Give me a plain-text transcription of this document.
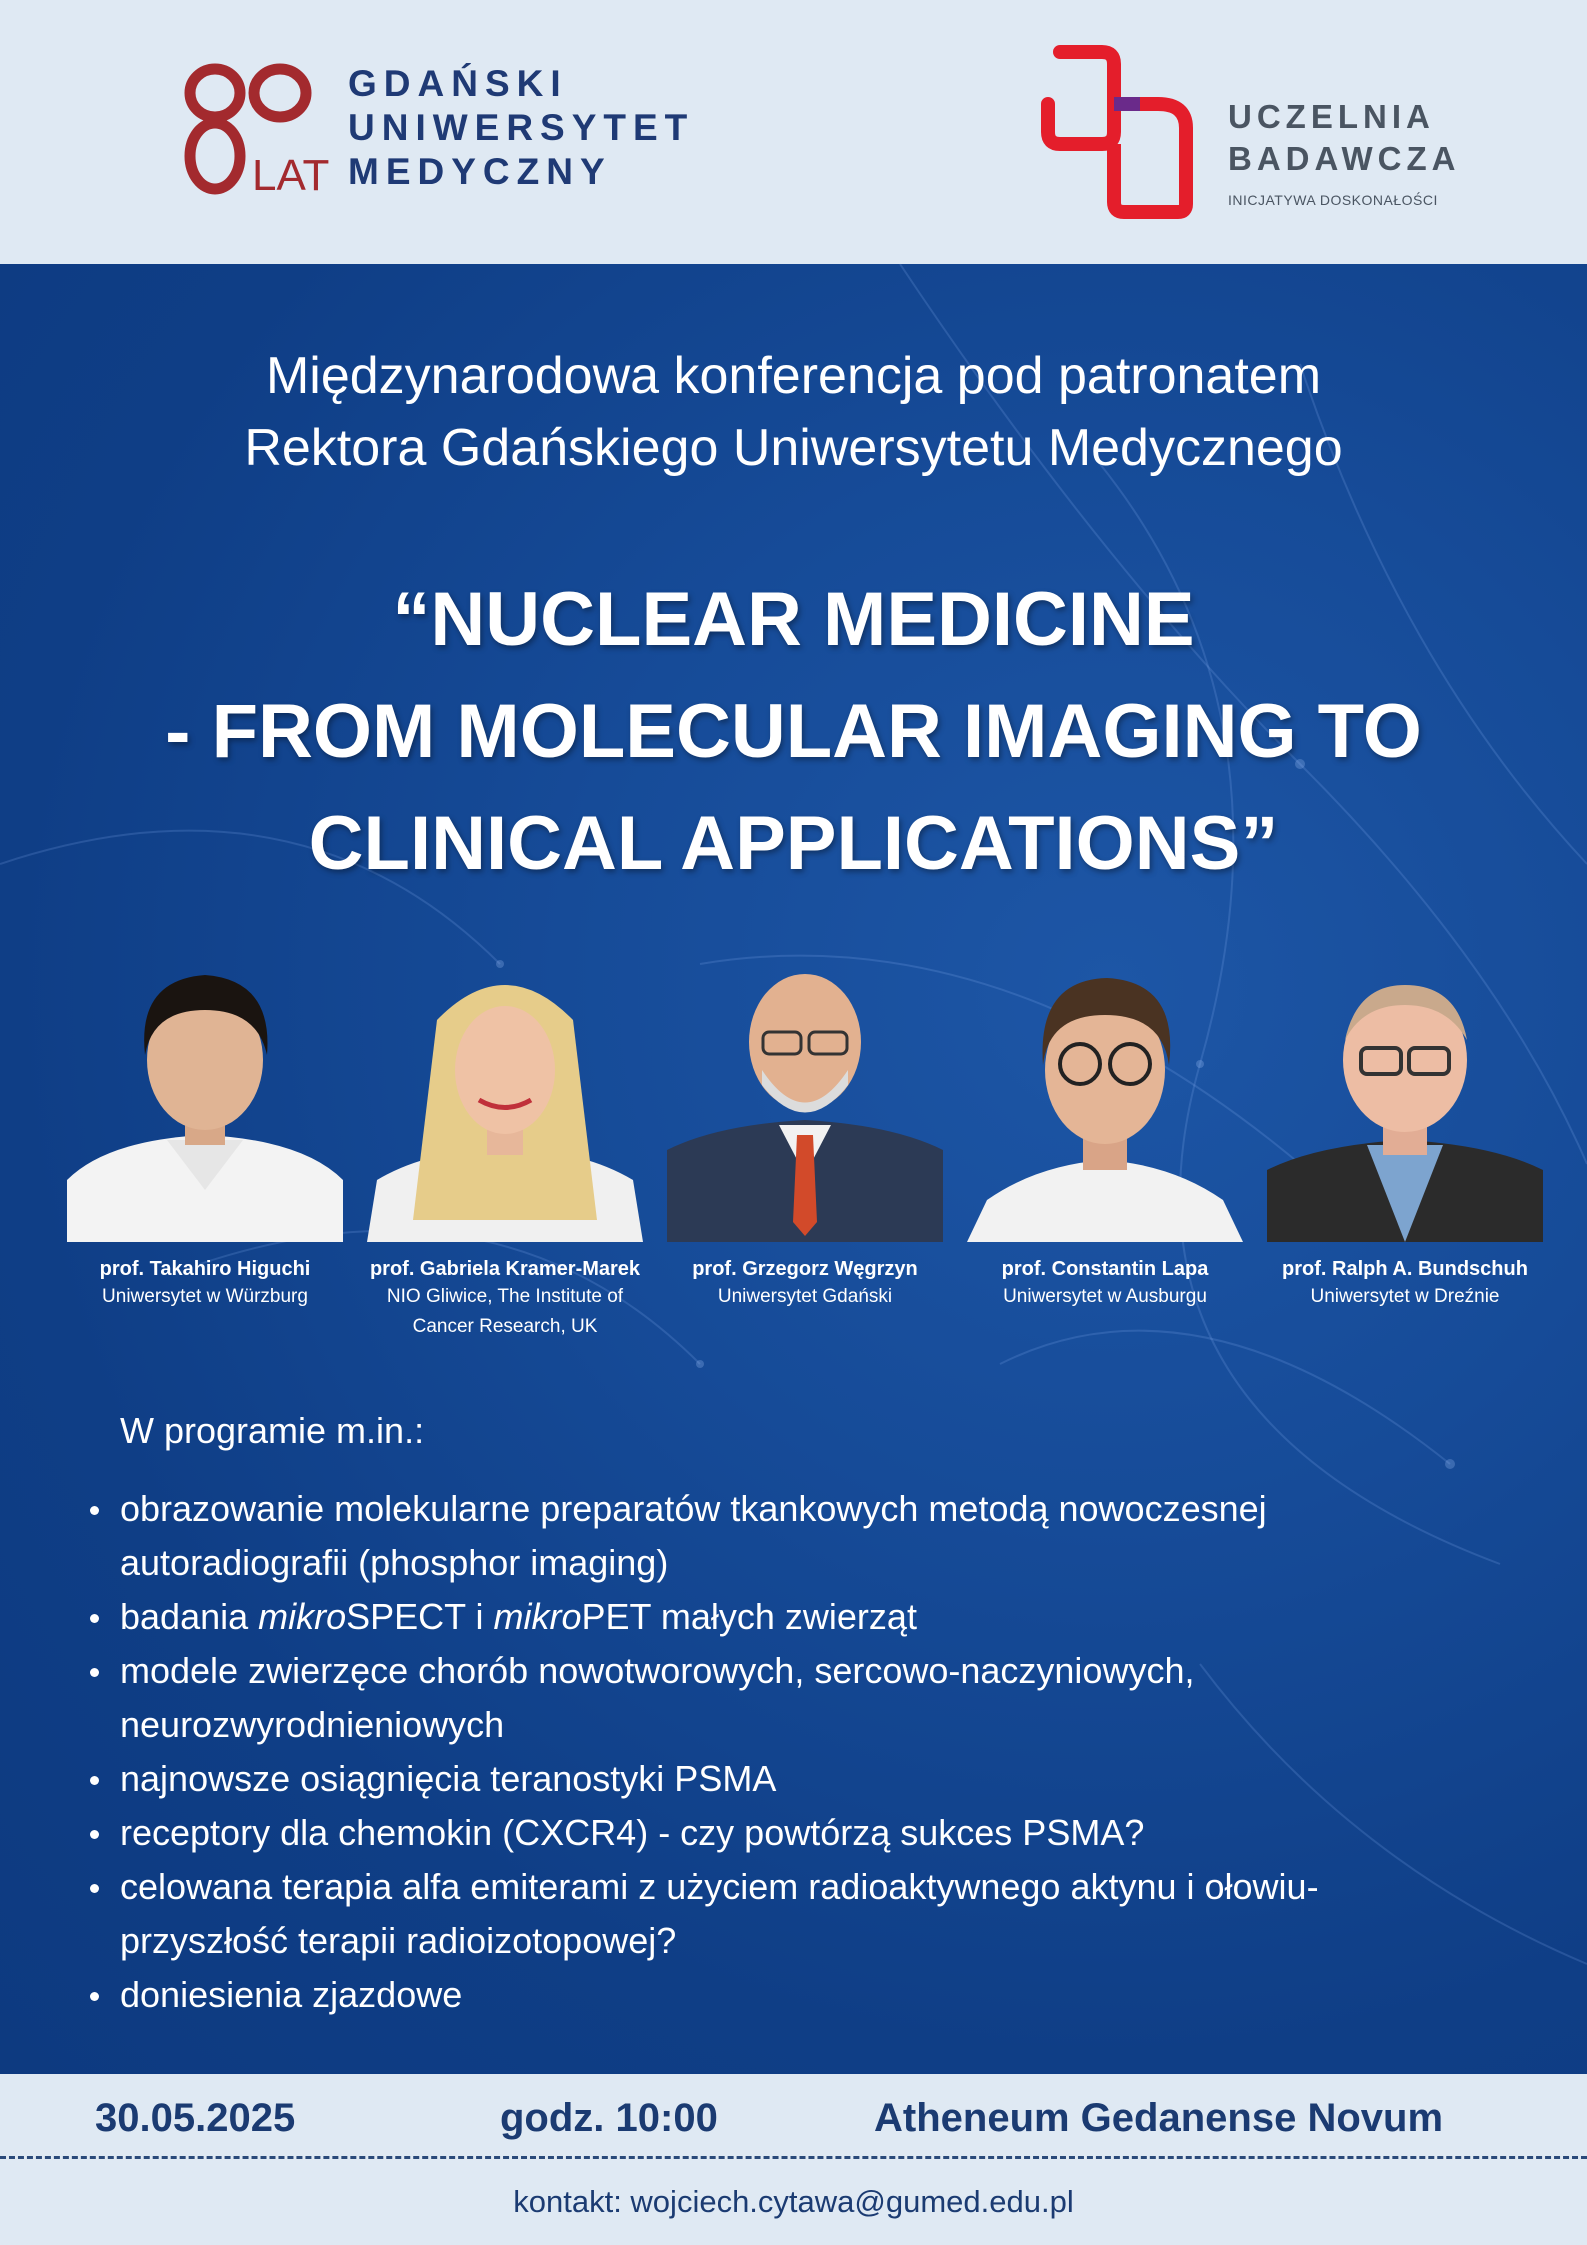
LAT
GDAŃSKI
UNIWERSYTET
MEDYCZNY
UCZELNIA
BADAWCZA
INICJATYWA DOSKONAŁOŚCI
Międzynarodowa konferencja pod patronatem
Rektora Gdańskiego Uniwersytetu Medycznego
“NUCLEAR MEDICINE
- FROM MOLECULAR IMAGING TO
CLINICAL APPLICATIONS”
prof. Takahiro Higuchi
Uniwersytet w Würzburg
prof. Gabriela Kramer-Marek
NIO Gliwice, The Institute of
Cancer Research, UK
prof. Grzegorz Węgrzyn
Uniwersytet Gdański
prof. Constantin Lapa
Uniwersytet w Ausburgu
prof. Ralph A. Bundschuh
Uniwersytet w Dreźnie
W programie m.in.:
obrazowanie molekularne preparatów tkankowych metodą nowoczesnej
autoradiografii (phosphor imaging)
badania mikroSPECT i mikroPET małych zwierząt
modele zwierzęce chorób nowotworowych, sercowo-naczyniowych,
neurozwyrodnieniowych
najnowsze osiągnięcia teranostyki PSMA
receptory dla chemokin (CXCR4) - czy powtórzą sukces PSMA?
celowana terapia alfa emiterami z użyciem radioaktywnego aktynu i ołowiu-
przyszłość terapii radioizotopowej?
doniesienia zjazdowe
30.05.2025	godz. 10:00	Atheneum Gedanense Novum
kontakt: wojciech.cytawa@gumed.edu.pl
